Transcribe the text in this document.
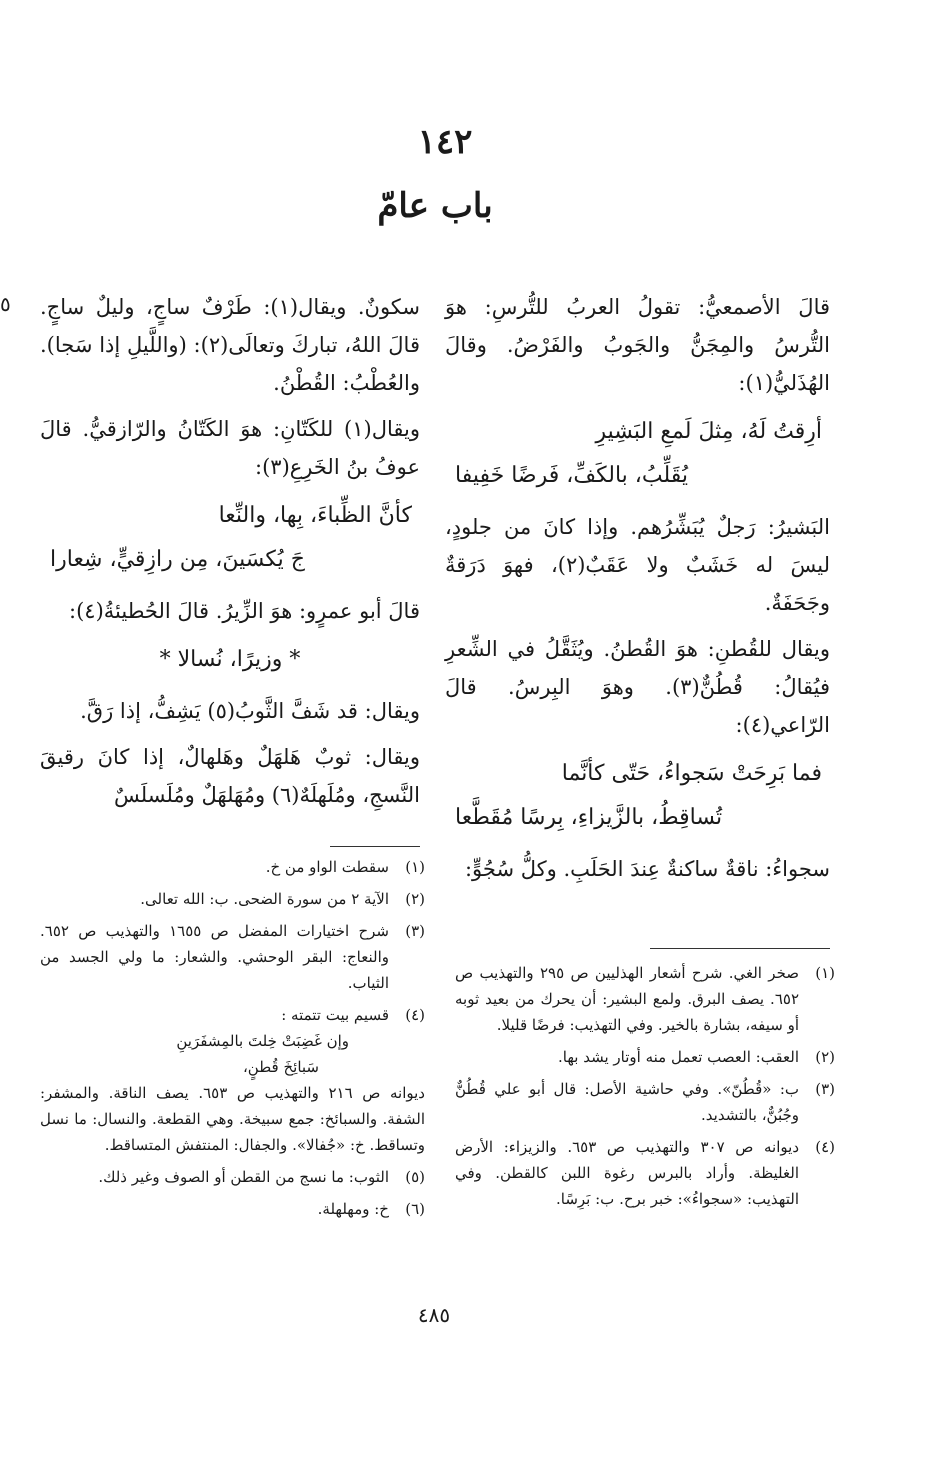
٥
١٤٢
باب عامّ

قالَ الأصمعيُّ: تقولُ العربُ للتُّرسِ: هوَ التُّرسُ والمِجَنُّ والجَوبُ والفَرْضُ. وقالَ الهُذَليُّ(١):

أرِقتُ لَهُ، مِثلَ لَمعِ البَشِيرِ
يُقَلِّبُ، بالكَفِّ، فَرضًا خَفِيفا

البَشيرُ: رَجلٌ يُبَشِّرُهم. وإذا كانَ من جلودٍ، ليسَ له خَشَبٌ ولا عَقَبٌ(٢)، فهوَ دَرَقةٌ وجَحَفَةٌ.

ويقال للقُطنِ: هوَ القُطنُ. ويُثَقَّلُ في الشِّعرِ فيُقالُ: قُطُنٌّ(٣). وهوَ البِرسُ. قالَ الرّاعي(٤):

فما بَرِحَتْ سَجواءُ، حَتّى كأنَّما
تُساقِطُ، بالزَّيزاءِ، بِرسًا مُقَطَّعا

سجواءُ: ناقةٌ ساكنةٌ عِندَ الحَلَبِ. وكلُّ سُجُوٍّ:

سكونٌ. ويقال(١): طَرْفٌ ساجٍ، وليلٌ ساجٍ. قالَ اللهُ، تباركَ وتعالَى(٢): (واللَّيلِ إذا سَجا). والعُطْبُ: القُطْنُ.

ويقال(١) للكَتّانِ: هوَ الكَتّانُ والرّازقيُّ. قالَ عوفُ بنُ الخَرِعِ(٣):

كأنَّ الظِّباءَ، بِها، والنِّعا
جَ يُكسَينَ، مِن رازِقيٍّ، شِعارا

قالَ أبو عمرٍو: هوَ الزِّيرُ. قالَ الحُطيئةُ(٤):

* وزيرًا، نُسالا *

ويقال: قد شَفَّ الثَّوبُ(٥) يَشِفُّ، إذا رَقَّ.

ويقال: ثوبٌ هَلهَلٌ وهَلهالٌ، إذا كانَ رقيقَ النَّسجِ، ومُلَهلَهٌ(٦) ومُهَلهَلٌ ومُلَسلَسٌ

(١)
سقطت الواو من خ.
(٢)
الآية ٢ من سورة الضحى. ب: الله تعالى.
(٣)
شرح اختيارات المفضل ص ١٦٥٥ والتهذيب ص ٦٥٢. والنعاج: البقر الوحشي. والشعار: ما ولي الجسد من الثياب.
(٤)
قسيم بيت تتمته :
وإن غَضِبَتْ خِلتَ بالمِشفَرَينِ
سَبائِخَ قُطنٍ،
ديوانه ص ٢١٦ والتهذيب ص ٦٥٣. يصف الناقة. والمشفر: الشفة. والسبائخ: جمع سبيخة. وهي القطعة. والنسال: ما نسل وتساقط. خ: «جُفالا». والجفال: المنتفش المتساقط.
(٥)
الثوب: ما نسج من القطن أو الصوف وغير ذلك.
(٦)
خ: ومهلهلة.
(١)
صخر الغي. شرح أشعار الهذليين ص ٢٩٥ والتهذيب ص ٦٥٢. يصف البرق. ولمع البشير: أن يحرك من بعيد ثوبه أو سيفه، بشارة بالخير. وفي التهذيب: فرضًا قليلا.
(٢)
العقب: العصب تعمل منه أوتار يشد بها.
(٣)
ب: «قُطُنّ». وفي حاشية الأصل: قال أبو علي قُطُنٌّ وجُبُنٌّ، بالتشديد.
(٤)
ديوانه ص ٣٠٧ والتهذيب ص ٦٥٣. والزيزاء: الأرض الغليظة. وأراد بالبرس رغوة اللبن كالقطن. وفي التهذيب: «سجواءُ»: خبر برح. ب: بَرِسًا.
٤٨٥
